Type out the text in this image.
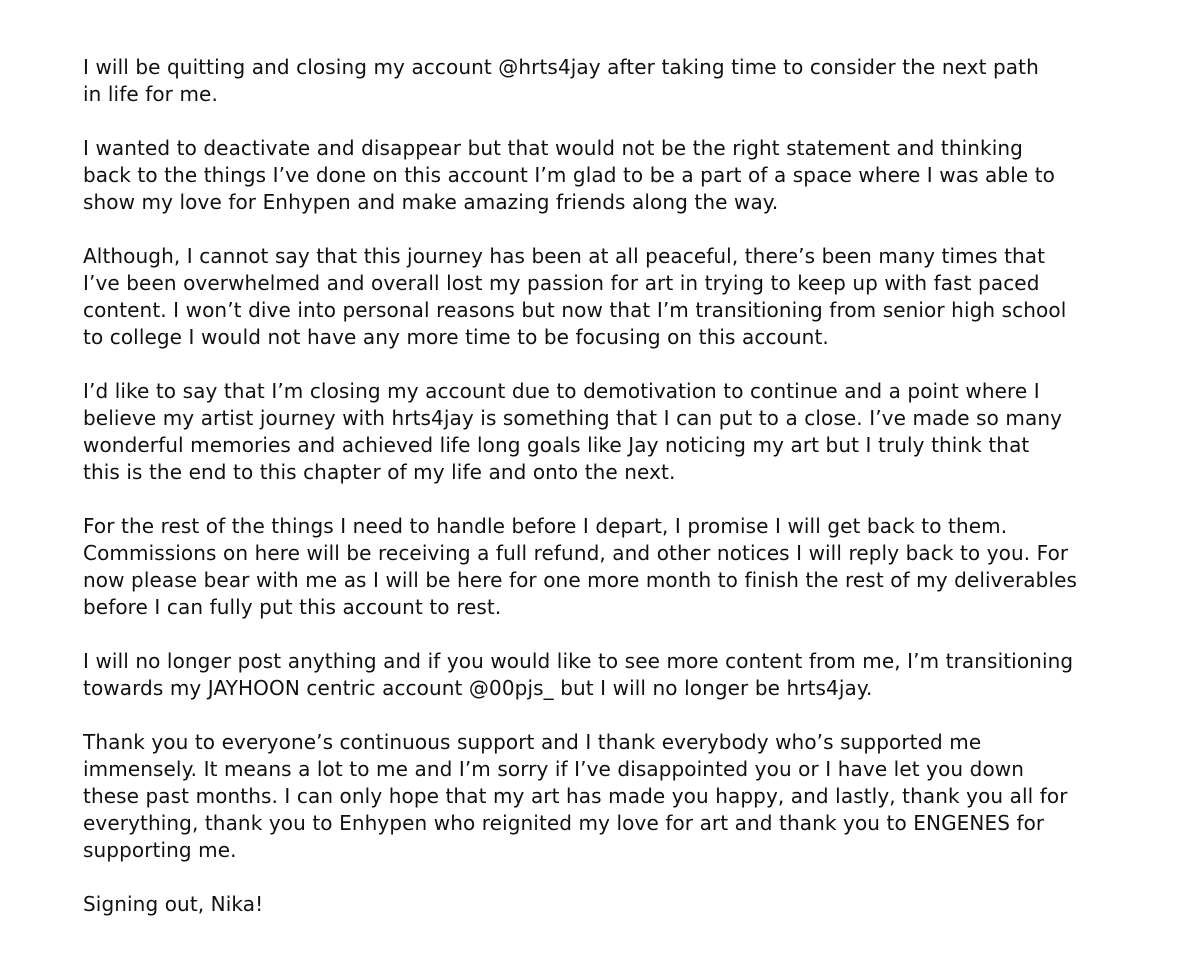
I will be quitting and closing my account @hrts4jay after taking time to consider the next path
in life for me.

I wanted to deactivate and disappear but that would not be the right statement and thinking
back to the things I’ve done on this account I’m glad to be a part of a space where I was able to
show my love for Enhypen and make amazing friends along the way.

Although, I cannot say that this journey has been at all peaceful, there’s been many times that
I’ve been overwhelmed and overall lost my passion for art in trying to keep up with fast paced
content. I won’t dive into personal reasons but now that I’m transitioning from senior high school
to college I would not have any more time to be focusing on this account.

I’d like to say that I’m closing my account due to demotivation to continue and a point where I
believe my artist journey with hrts4jay is something that I can put to a close. I’ve made so many
wonderful memories and achieved life long goals like Jay noticing my art but I truly think that
this is the end to this chapter of my life and onto the next.

For the rest of the things I need to handle before I depart, I promise I will get back to them.
Commissions on here will be receiving a full refund, and other notices I will reply back to you. For
now please bear with me as I will be here for one more month to finish the rest of my deliverables
before I can fully put this account to rest.

I will no longer post anything and if you would like to see more content from me, I’m transitioning
towards my JAYHOON centric account @00pjs_ but I will no longer be hrts4jay.

Thank you to everyone’s continuous support and I thank everybody who’s supported me
immensely. It means a lot to me and I’m sorry if I’ve disappointed you or I have let you down
these past months. I can only hope that my art has made you happy, and lastly, thank you all for
everything, thank you to Enhypen who reignited my love for art and thank you to ENGENES for
supporting me.

Signing out, Nika!
